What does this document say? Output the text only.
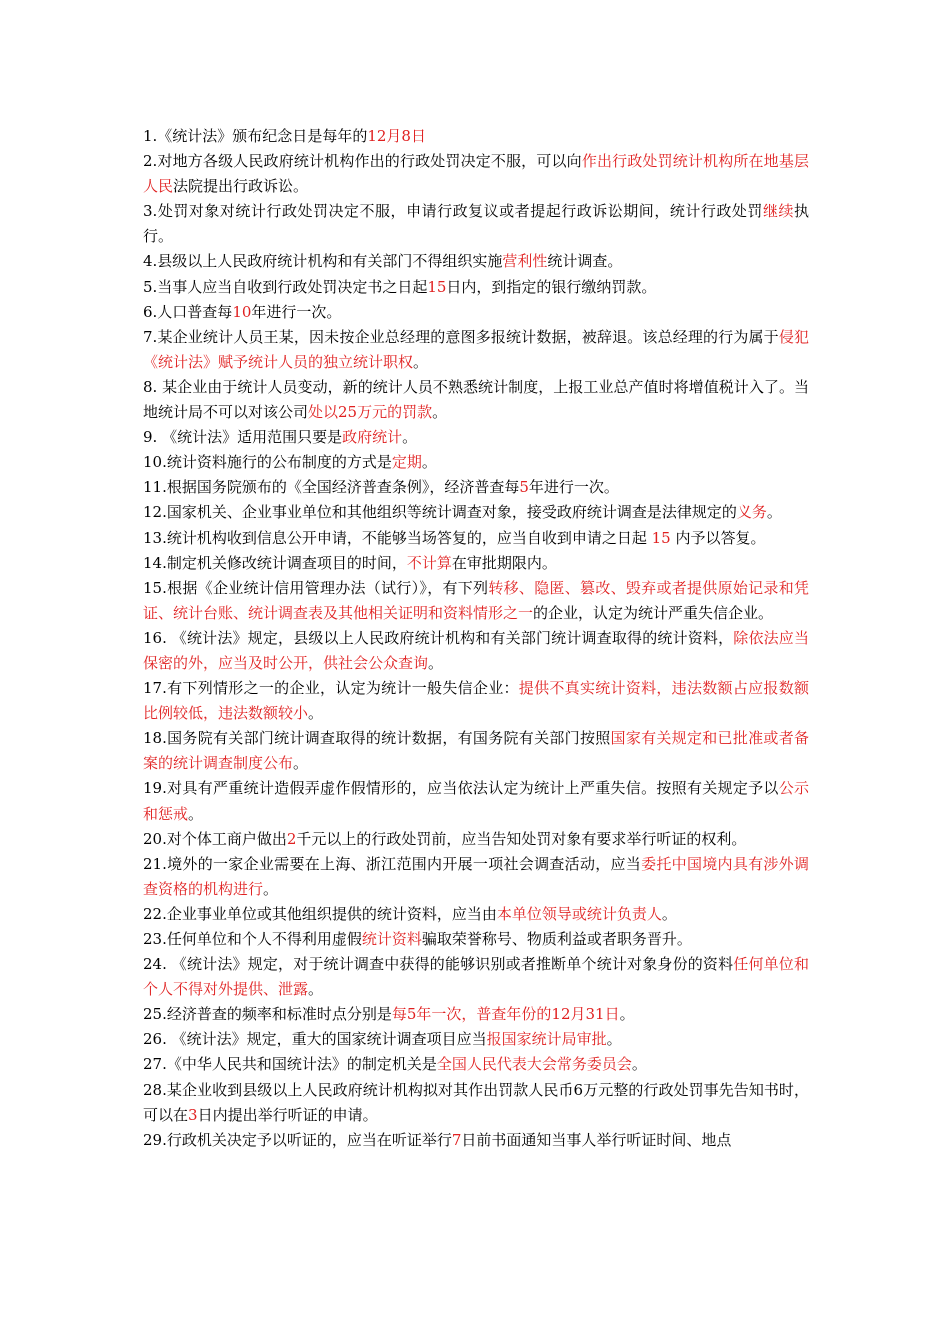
1.《统计法》颁布纪念日是每年的12月8日

2.对地方各级人民政府统计机构作出的行政处罚决定不服，可以向作出行政处罚统计机构所在地基层人民法院提出行政诉讼。

3.处罚对象对统计行政处罚决定不服，申请行政复议或者提起行政诉讼期间，统计行政处罚继续执行。

4.县级以上人民政府统计机构和有关部门不得组织实施营利性统计调查。

5.当事人应当自收到行政处罚决定书之日起15日内，到指定的银行缴纳罚款。

6.人口普查每10年进行一次。

7.某企业统计人员王某，因未按企业总经理的意图多报统计数据，被辞退。该总经理的行为属于侵犯《统计法》赋予统计人员的独立统计职权。

8. 某企业由于统计人员变动，新的统计人员不熟悉统计制度，上报工业总产值时将增值税计入了。当地统计局不可以对该公司处以25万元的罚款。

9. 《统计法》适用范围只要是政府统计。

10.统计资料施行的公布制度的方式是定期。

11.根据国务院颁布的《全国经济普查条例》，经济普查每5年进行一次。

12.国家机关、企业事业单位和其他组织等统计调查对象，接受政府统计调查是法律规定的义务。

13.统计机构收到信息公开申请，不能够当场答复的，应当自收到申请之日起 15 内予以答复。

14.制定机关修改统计调查项目的时间，不计算在审批期限内。

15.根据《企业统计信用管理办法（试行）》，有下列转移、隐匿、篡改、毁弃或者提供原始记录和凭证、统计台账、统计调查表及其他相关证明和资料情形之一的企业，认定为统计严重失信企业。

16. 《统计法》规定，县级以上人民政府统计机构和有关部门统计调查取得的统计资料，除依法应当保密的外，应当及时公开，供社会公众查询。

17.有下列情形之一的企业，认定为统计一般失信企业：提供不真实统计资料，违法数额占应报数额比例较低，违法数额较小。

18.国务院有关部门统计调查取得的统计数据，有国务院有关部门按照国家有关规定和已批准或者备案的统计调查制度公布。

19.对具有严重统计造假弄虚作假情形的，应当依法认定为统计上严重失信。按照有关规定予以公示和惩戒。

20.对个体工商户做出2千元以上的行政处罚前，应当告知处罚对象有要求举行听证的权利。

21.境外的一家企业需要在上海、浙江范围内开展一项社会调查活动，应当委托中国境内具有涉外调查资格的机构进行。

22.企业事业单位或其他组织提供的统计资料，应当由本单位领导或统计负责人。

23.任何单位和个人不得利用虚假统计资料骗取荣誉称号、物质利益或者职务晋升。

24. 《统计法》规定，对于统计调查中获得的能够识别或者推断单个统计对象身份的资料任何单位和个人不得对外提供、泄露。

25.经济普查的频率和标准时点分别是每5年一次，普查年份的12月31日。

26. 《统计法》规定，重大的国家统计调查项目应当报国家统计局审批。

27.《中华人民共和国统计法》的制定机关是全国人民代表大会常务委员会。

28.某企业收到县级以上人民政府统计机构拟对其作出罚款人民币6万元整的行政处罚事先告知书时，可以在3日内提出举行听证的申请。

29.行政机关决定予以听证的，应当在听证举行7日前书面通知当事人举行听证时间、地点
